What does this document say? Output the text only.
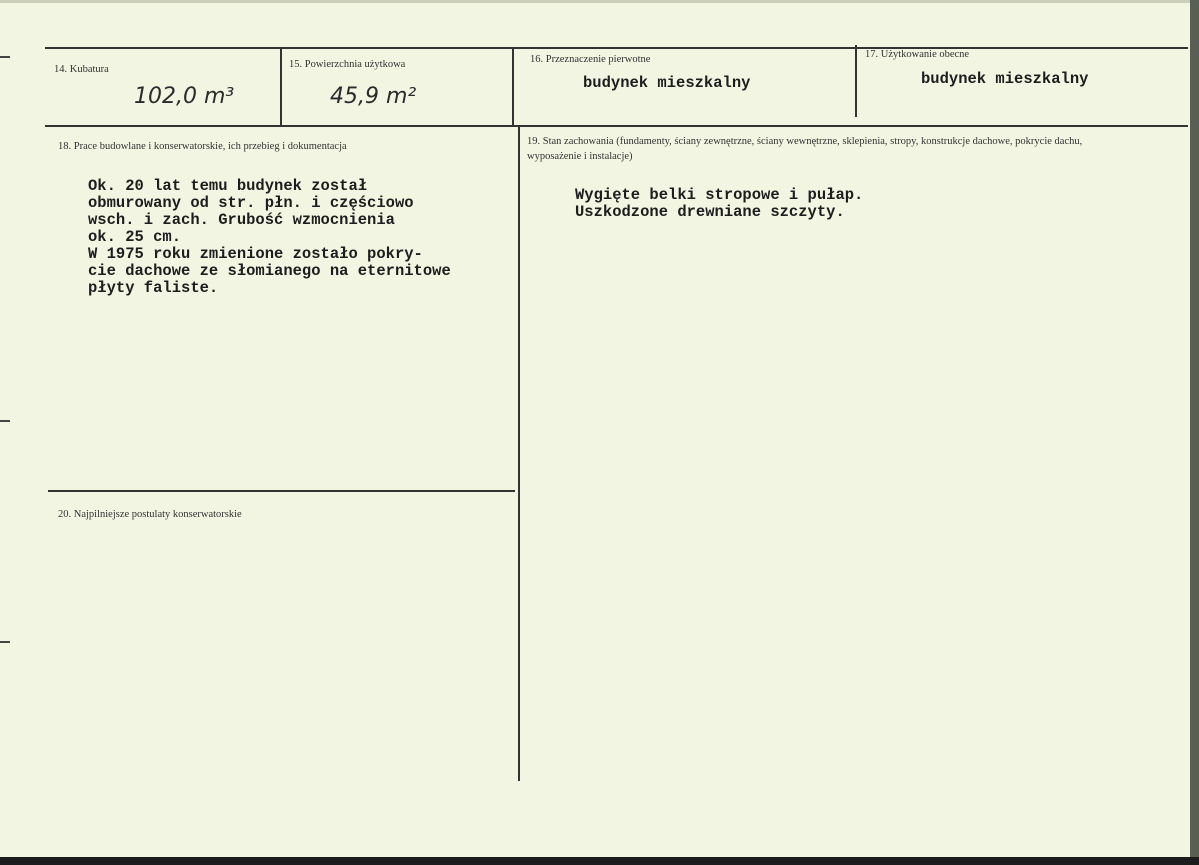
14. Kubatura
102,0 m³
15. Powierzchnia użytkowa
45,9 m²
16. Przeznaczenie pierwotne
budynek mieszkalny
17. Użytkowanie obecne
budynek mieszkalny
18. Prace budowlane i konserwatorskie, ich przebieg i dokumentacja
Ok. 20 lat temu budynek został
obmurowany od str. płn. i częściowo
wsch. i zach. Grubość wzmocnienia
ok. 25 cm.
W 1975 roku zmienione zostało pokry-
cie dachowe ze słomianego na eternitowe
płyty faliste.
19. Stan zachowania (fundamenty, ściany zewnętrzne, ściany wewnętrzne, sklepienia, stropy, konstrukcje dachowe, pokrycie dachu, wyposażenie i instalacje)
Wygięte belki stropowe i pułap.
Uszkodzone drewniane szczyty.
20. Najpilniejsze postulaty konserwatorskie
